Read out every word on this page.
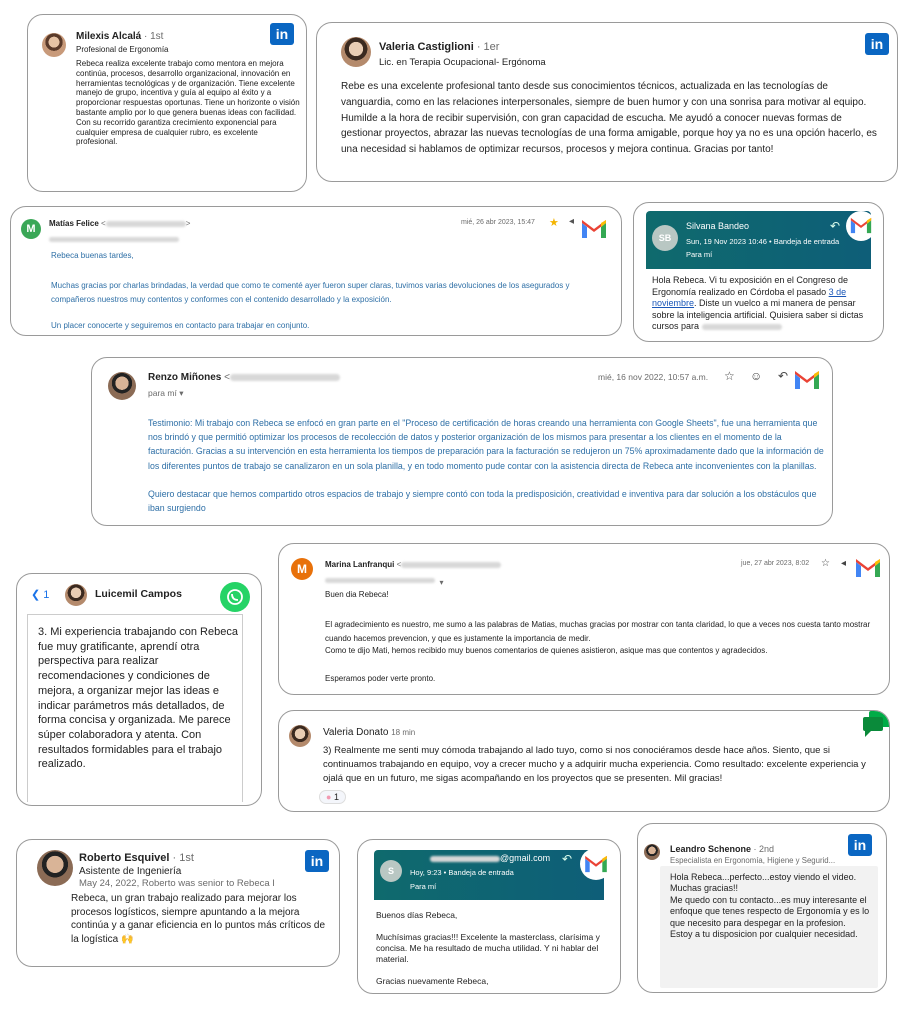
Milexis Alcalá · 1st
Profesional de Ergonomía
in
Rebeca realiza excelente trabajo como mentora en mejora continúa, procesos, desarrollo organizacional, innovación en herramientas tecnológicas y de organización. Tiene excelente manejo de grupo, incentiva y guía al equipo al éxito y a proporcionar respuestas oportunas. Tiene un horizonte o visión bastante amplio por lo que genera buenas ideas con facilidad.
Con su recorrido garantiza crecimiento exponencial para cualquier empresa de cualquier rubro, es excelente profesional.
Valeria Castiglioni · 1er
Lic. en Terapia Ocupacional- Ergónoma
in
Rebe es una excelente profesional tanto desde sus conocimientos técnicos, actualizada en las tecnologías de vanguardia, como en las relaciones interpersonales, siempre de buen humor y con una sonrisa para motivar al equipo. Humilde a la hora de recibir supervisión, con gran capacidad de escucha. Me ayudó a conocer nuevas formas de gestionar proyectos, abrazar las nuevas tecnologías de una forma amigable, porque hoy ya no es una opción hacerlo, es una necesidad si hablamos de optimizar recursos, procesos y mejora continua. Gracias por tanto!
M	Matías Felice <	>	mié, 26 abr 2023, 15:47 ★ ◂
Rebeca buenas tardes,
Muchas gracias por charlas brindadas, la verdad que como te comenté ayer fueron super claras, tuvimos varias devoluciones de los asegurados y compañeros nuestros muy contentos y conformes con el contenido desarrollado y la exposición.
Un placer conocerte y seguiremos en contacto para trabajar en conjunto.
SB
Silvana Bandeo
Sun, 19 Nov 2023 10:46 • Bandeja de entrada
Para mí
↶
Hola Rebeca. Vi tu exposición en el Congreso de Ergonomía realizado en Córdoba el pasado 3 de noviembre. Diste un vuelco a mi manera de pensar sobre la inteligencia artificial. Quisiera saber si dictas cursos para
Renzo Miñones <
para mí ▾
mié, 16 nov 2022, 10:57 a.m. ☆ ☺ ↶
Testimonio: Mi trabajo con Rebeca se enfocó en gran parte en el "Proceso de certificación de horas creando una herramienta con Google Sheets", fue una herramienta que nos brindó y que permitió optimizar los procesos de recolección de datos y posterior organización de los mismos para presentar a los clientes en el momento de la facturación. Gracias a su intervención en esta herramienta los tiempos de preparación para la facturación se redujeron un 75% aproximadamente dado que la información de los diferentes puntos de trabajo se canalizaron en un sola planilla, y en todo momento pude contar con la asistencia directa de Rebeca ante inconvenientes con la planillas.
Quiero destacar que hemos compartido otros espacios de trabajo y siempre contó con toda la predisposición, creatividad e inventiva para dar solución a los obstáculos que iban surgiendo
❮ 1	Luicemil Campos
3. Mi experiencia trabajando con Rebeca fue muy gratificante, aprendí otra perspectiva para realizar recomendaciones y condiciones de mejora, a organizar mejor las ideas e indicar parámetros más detallados, de forma concisa y organizada. Me parece súper colaboradora y atenta. Con resultados formidables para el trabajo realizado.
M	Marina Lanfranqui <
▾
jue, 27 abr 2023, 8:02 ☆ ◂
Buen dia Rebeca!
El agradecimiento es nuestro, me sumo a las palabras de Matias, muchas gracias por mostrar con tanta claridad, lo que a veces nos cuesta tanto mostrar cuando hacemos prevencion, y que es justamente la importancia de medir.
Como te dijo Mati, hemos recibido muy buenos comentarios de quienes asistieron, asique mas que contentos y agradecidos.
Esperamos poder verte pronto.
Valeria Donato 18 min
3) Realmente me senti muy cómoda trabajando al lado tuyo, como si nos conociéramos desde hace años. Siento, que si continuamos trabajando en equipo, voy a crecer mucho y a adquirir mucha experiencia. Como resultado: excelente experiencia y ojalá que en un futuro, me sigas acompañando en los proyectos que se presenten. Mil gracias!
● 1
Roberto Esquivel · 1st
Asistente de Ingeniería
May 24, 2022, Roberto was senior to Rebeca I
in
Rebeca, un gran trabajo realizado para mejorar los procesos logísticos, siempre apuntando a la mejora continúa y a ganar eficiencia en lo puntos más críticos de la logística 🙌
S
@gmail.com
Hoy, 9:23 • Bandeja de entrada
Para mí
↶
Buenos días Rebeca,
Muchísimas gracias!!! Excelente la masterclass, clarísima y concisa. Me ha resultado de mucha utilidad. Y ni hablar del material.
Gracias nuevamente Rebeca,
Leandro Schenone · 2nd
Especialista en Ergonomía, Higiene y Segurid...
in
Hola Rebeca...perfecto...estoy viendo el video.
Muchas gracias!!
Me quedo con tu contacto...es muy interesante el enfoque que tenes respecto de Ergonomía y es lo que necesito para despegar en la profesion.
Estoy a tu disposicion por cualquier necesidad.
